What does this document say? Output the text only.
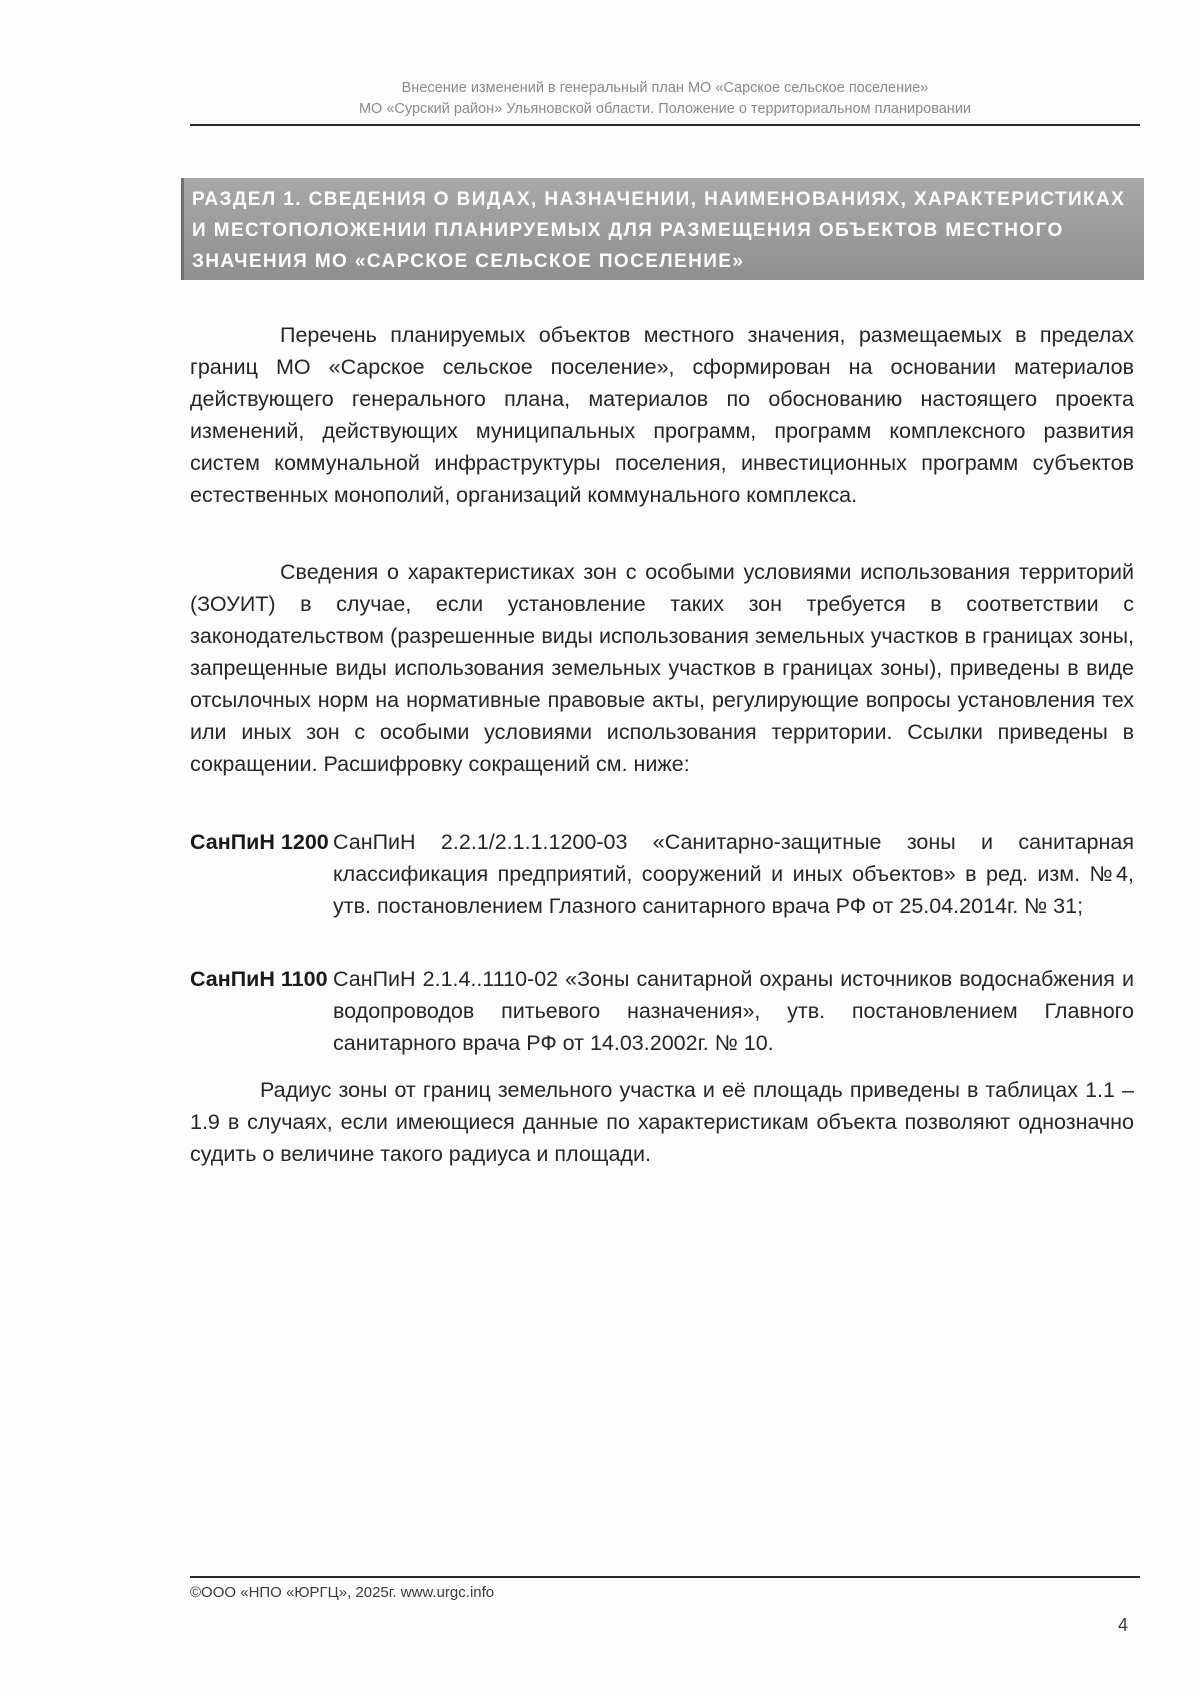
Внесение изменений в генеральный план МО «Сарское сельское поселение»
МО «Сурский район» Ульяновской области. Положение о территориальном планировании
РАЗДЕЛ 1. СВЕДЕНИЯ О ВИДАХ, НАЗНАЧЕНИИ, НАИМЕНОВАНИЯХ, ХАРАКТЕРИСТИКАХ И МЕСТОПОЛОЖЕНИИ ПЛАНИРУЕМЫХ ДЛЯ РАЗМЕЩЕНИЯ ОБЪЕКТОВ МЕСТНОГО ЗНАЧЕНИЯ МО «САРСКОЕ СЕЛЬСКОЕ ПОСЕЛЕНИЕ»
Перечень планируемых объектов местного значения, размещаемых в пределах границ МО «Сарское сельское поселение», сформирован на основании материалов действующего генерального плана, материалов по обоснованию настоящего проекта изменений, действующих муниципальных программ, программ комплексного развития систем коммунальной инфраструктуры поселения, инвестиционных программ субъектов естественных монополий, организаций коммунального комплекса.
Сведения о характеристиках зон с особыми условиями использования территорий (ЗОУИТ) в случае, если установление таких зон требуется в соответствии с законодательством (разрешенные виды использования земельных участков в границах зоны, запрещенные виды использования земельных участков в границах зоны), приведены в виде отсылочных норм на нормативные правовые акты, регулирующие вопросы установления тех или иных зон с особыми условиями использования территории. Ссылки приведены в сокращении. Расшифровку сокращений см. ниже:
СанПиН 1200 СанПиН 2.2.1/2.1.1.1200-03 «Санитарно-защитные зоны и санитарная классификация предприятий, сооружений и иных объектов» в ред. изм. №4, утв. постановлением Глазного санитарного врача РФ от 25.04.2014г. № 31;
СанПиН 1100 СанПиН 2.1.4..1110-02 «Зоны санитарной охраны источников водоснабжения и водопроводов питьевого назначения», утв. постановлением Главного санитарного врача РФ от 14.03.2002г. № 10.
Радиус зоны от границ земельного участка и её площадь приведены в таблицах 1.1 – 1.9 в случаях, если имеющиеся данные по характеристикам объекта позволяют однозначно судить о величине такого радиуса и площади.
©ООО «НПО «ЮРГЦ», 2025г. www.urgc.info
4
